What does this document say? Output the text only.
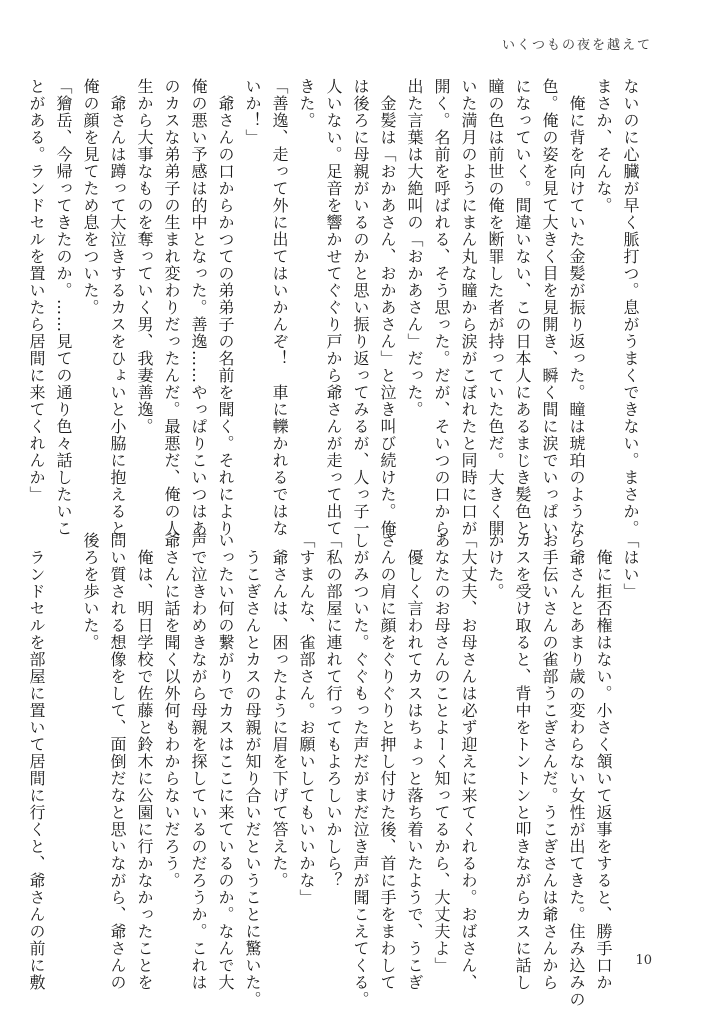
いくつもの夜を越えて
ないのに心臓が早く脈打つ。息がうまくできない。まさか。
まさか、そんな。
　俺に背を向けていた金髪が振り返った。瞳は琥珀のような
色。俺の姿を見て大きく目を見開き、瞬く間に涙でいっぱい
になっていく。間違いない、この日本人にあるまじき髪色と
瞳の色は前世の俺を断罪した者が持っていた色だ。大きく開
いた満月のようにまん丸な瞳から涙がこぼれたと同時に口が
開く。名前を呼ばれる、そう思った。だが、そいつの口から
出た言葉は大絶叫の「おかあさん」だった。
　金髪は「おかあさん、おかあさん」と泣き叫び続けた。俺
は後ろに母親がいるのかと思い振り返ってみるが、人っ子一
人いない。足音を響かせてぐぐり戸から爺さんが走って出て
きた。
「善逸、走って外に出てはいかんぞ！　車に轢かれるではな
いか！」
　爺さんの口からかつての弟弟子の名前を聞く。それにより
俺の悪い予感は的中となった。善逸……やっぱりこいつはあ
のカスな弟弟子の生まれ変わりだったんだ。最悪だ、俺の人
生から大事なものを奪っていく男、我妻善逸。
　爺さんは蹲って大泣きするカスをひょいと小脇に抱えると
俺の顔を見てため息をついた。
「獪岳、今帰ってきたのか。……見ての通り色々話したいこ
とがある。ランドセルを置いたら居間に来てくれんか」
「はい」
　俺に拒否権はない。小さく頷いて返事をすると、勝手口か
ら爺さんとあまり歳の変わらない女性が出てきた。住み込みの
お手伝いさんの雀部うこぎさんだ。うこぎさんは爺さんから
カスを受け取ると、背中をトントンと叩きながらカスに話し
かけた。
「大丈夫、お母さんは必ず迎えに来てくれるわ。おばさん、
あなたのお母さんのことよーく知ってるから、大丈夫よ」
　優しく言われてカスはちょっと落ち着いたようで、うこぎ
さんの肩に顔をぐりぐりと押し付けた後、首に手をまわして
しがみついた。ぐぐもった声だがまだ泣き声が聞こえてくる。
「私の部屋に連れて行ってもよろしいかしら？
「すまんな、雀部さん。お願いしてもいいかな」
　爺さんは、困ったように眉を下げて答えた。
　うこぎさんとカスの母親が知り合いだということに驚いた。
いったい何の繋がりでカスはここに来ているのか。なんで大
声で泣きわめきながら母親を探しているのだろうか。これは
爺さんに話を聞く以外何もわからないだろう。
　俺は、明日学校で佐藤と鈴木に公園に行かなかったことを
問い質される想像をして、面倒だなと思いながら、爺さんの
後ろを歩いた。

　ランドセルを部屋に置いて居間に行くと、爺さんの前に敷	10
